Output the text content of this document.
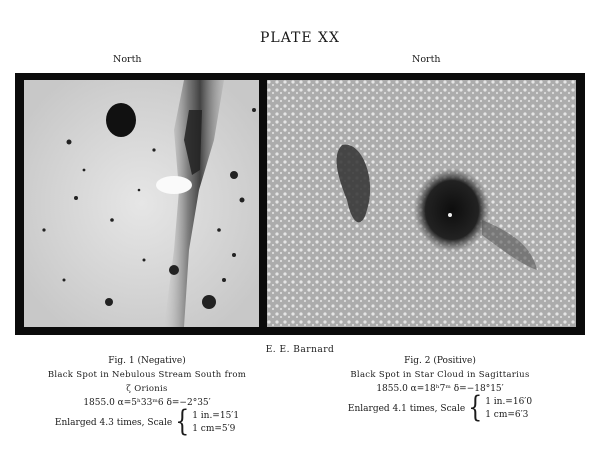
PLATE XX
North	North
E. E. Barnard
Fig. 1 (Negative)
Black Spot in Nebulous Stream South from
ζ Orionis
1855.0 α=5ʰ33ᵐ6 δ=−2°35′
Enlarged 4.3 times, Scale { 1 in.=15′1
1 cm=5′9
Fig. 2 (Positive)
Black Spot in Star Cloud in Sagittarius
1855.0 α=18ʰ7ᵐ δ=−18°15′
Enlarged 4.1 times, Scale { 1 in.=16′0
1 cm=6′3
